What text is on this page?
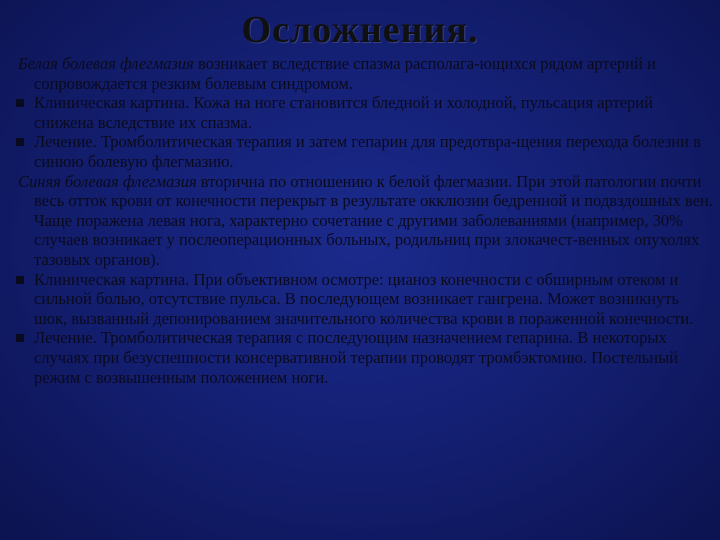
Осложнения.

Белая болевая флегмазия возникает вследствие спазма располага-ющихся рядом артерий и сопровождается резким болевым синдромом.

Клиническая картина. Кожа на ноге становится бледной и холодной, пульсация артерий снижена вследствие их спазма.

Лечение. Тромболитическая терапия и затем гепарин для предотвра-щения перехода болезни в синюю болевую флегмазию.

Синяя болевая флегмазия вторична по отношению к белой флегмазии. При этой патологии почти весь отток крови от конечности перекрыт в результате окклюзии бедренной и подвздошных вен. Чаще поражена левая нога, характерно сочетание с другими заболеваниями (например, 30% случаев возникает у послеоперационных больных, родильниц при злокачест-венных опухолях тазовых органов).

Клиническая картина. При объективном осмотре: цианоз конечности с обширным отеком и сильной болью, отсутствие пульса. В последующем возникает гангрена. Может возникнуть шок, вызванный депонированием значительного количества крови в пораженной конечности.

Лечение. Тромболитическая терапия с последующим назначением гепарина. В некоторых случаях при безуспешности консервативной терапии проводят тромбэктомию. Постельный режим с возвышенным положением ноги.
